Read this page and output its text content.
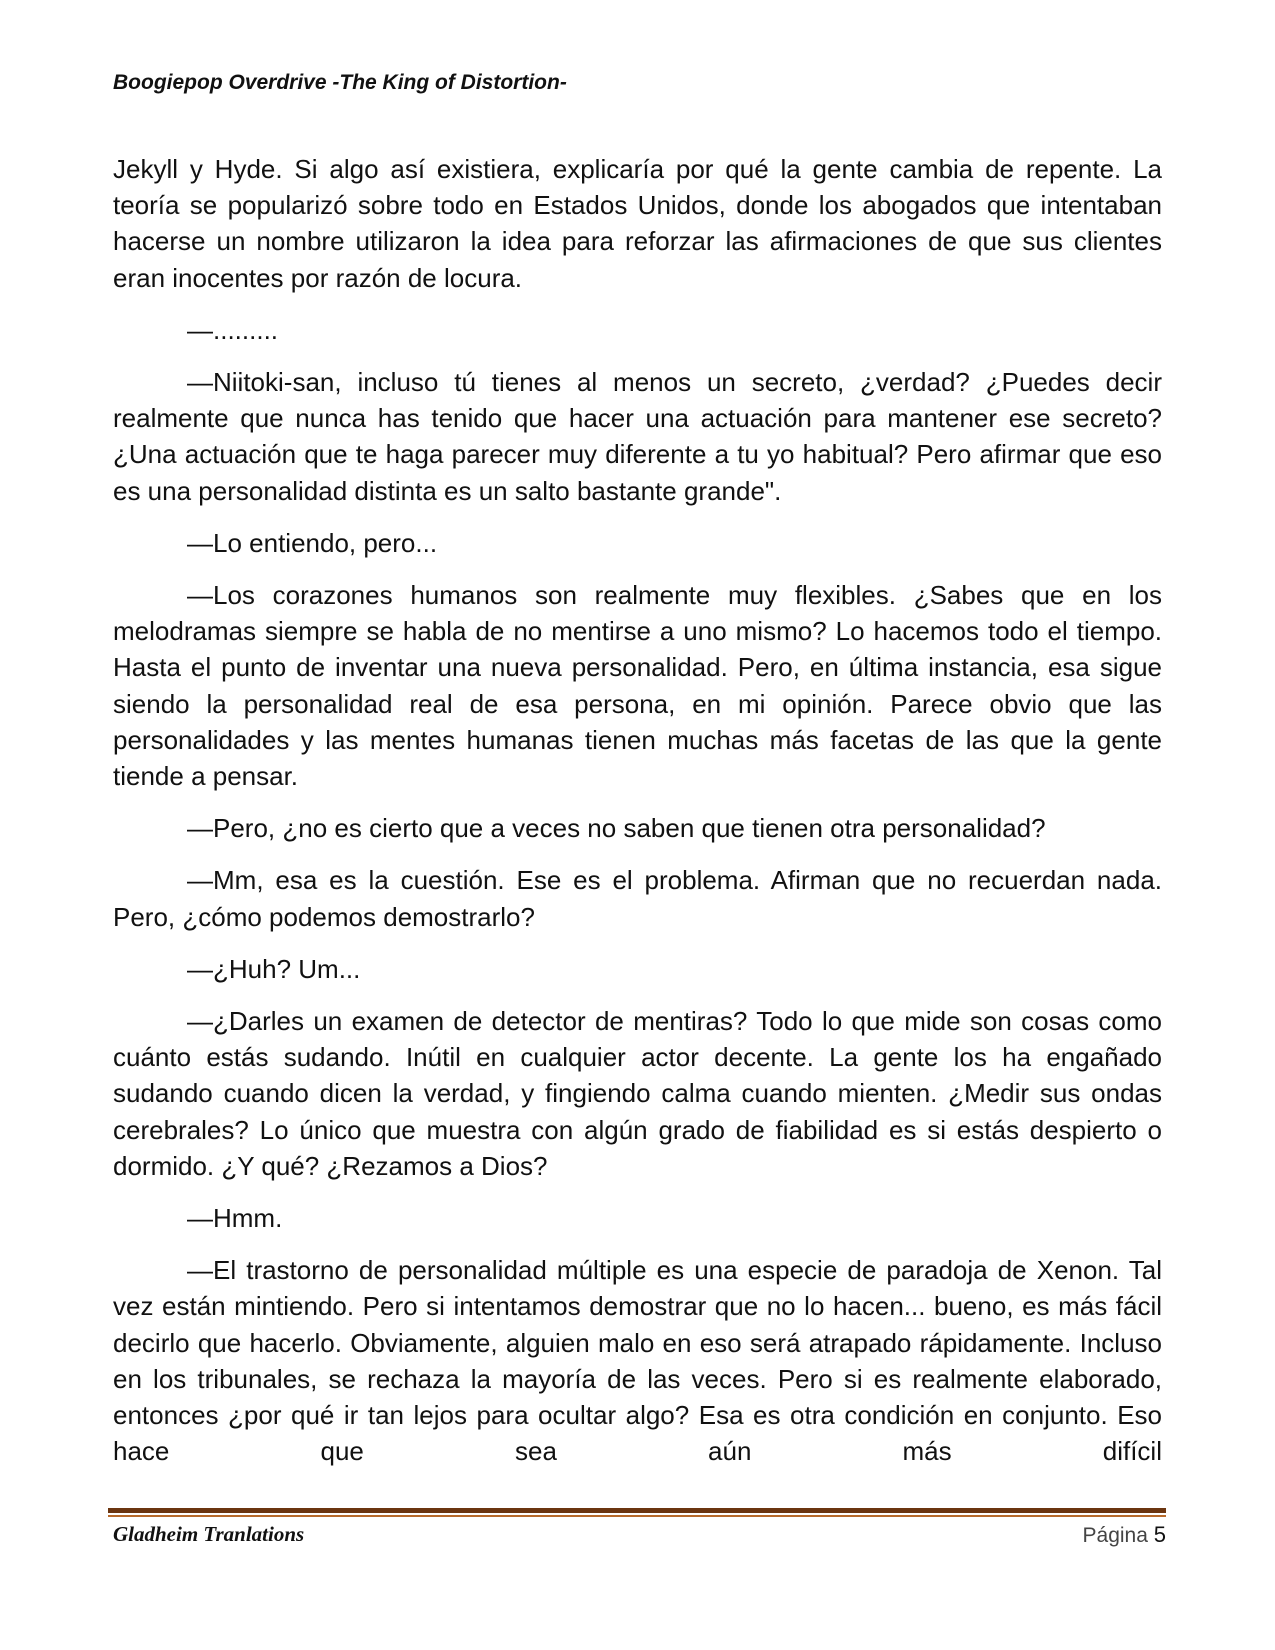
Boogiepop Overdrive -The King of Distortion-

Jekyll y Hyde. Si algo así existiera, explicaría por qué la gente cambia de repente. La teoría se popularizó sobre todo en Estados Unidos, donde los abogados que intentaban hacerse un nombre utilizaron la idea para reforzar las afirmaciones de que sus clientes eran inocentes por razón de locura.

—.........

—Niitoki-san, incluso tú tienes al menos un secreto, ¿verdad? ¿Puedes decir realmente que nunca has tenido que hacer una actuación para mantener ese secreto? ¿Una actuación que te haga parecer muy diferente a tu yo habitual? Pero afirmar que eso es una personalidad distinta es un salto bastante grande".

—Lo entiendo, pero...

—Los corazones humanos son realmente muy flexibles. ¿Sabes que en los melodramas siempre se habla de no mentirse a uno mismo? Lo hacemos todo el tiempo. Hasta el punto de inventar una nueva personalidad. Pero, en última instancia, esa sigue siendo la personalidad real de esa persona, en mi opinión. Parece obvio que las personalidades y las mentes humanas tienen muchas más facetas de las que la gente tiende a pensar.

—Pero, ¿no es cierto que a veces no saben que tienen otra personalidad?

—Mm, esa es la cuestión. Ese es el problema. Afirman que no recuerdan nada. Pero, ¿cómo podemos demostrarlo?

—¿Huh? Um...

—¿Darles un examen de detector de mentiras? Todo lo que mide son cosas como cuánto estás sudando. Inútil en cualquier actor decente. La gente los ha engañado sudando cuando dicen la verdad, y fingiendo calma cuando mienten. ¿Medir sus ondas cerebrales? Lo único que muestra con algún grado de fiabilidad es si estás despierto o dormido. ¿Y qué? ¿Rezamos a Dios?

—Hmm.

—El trastorno de personalidad múltiple es una especie de paradoja de Xenon. Tal vez están mintiendo. Pero si intentamos demostrar que no lo hacen... bueno, es más fácil decirlo que hacerlo. Obviamente, alguien malo en eso será atrapado rápidamente. Incluso en los tribunales, se rechaza la mayoría de las veces. Pero si es realmente elaborado, entonces ¿por qué ir tan lejos para ocultar algo? Esa es otra condición en conjunto. Eso hace que sea aún más difícil

Gladheim Tranlations	Página 5
